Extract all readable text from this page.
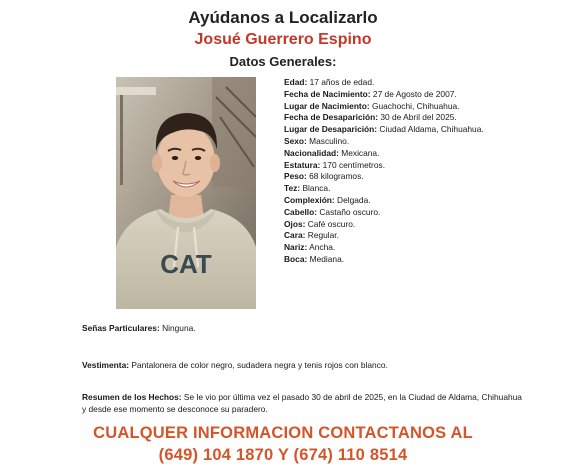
Ayúdanos a Localizarlo
Josué Guerrero Espino
Datos Generales:
CAT
Edad: 17 años de edad.
Fecha de Nacimiento: 27 de Agosto de 2007.
Lugar de Nacimiento: Guachochi, Chihuahua.
Fecha de Desaparición: 30 de Abril del 2025.
Lugar de Desaparición: Ciudad Aldama, Chihuahua.
Sexo: Masculino.
Nacionalidad: Mexicana.
Estatura: 170 centímetros.
Peso: 68 kilogramos.
Tez: Blanca.
Complexión: Delgada.
Cabello: Castaño oscuro.
Ojos: Café oscuro.
Cara: Regular.
Nariz: Ancha.
Boca: Mediana.
Señas Particulares: Ninguna.
Vestimenta: Pantalonera de color negro, sudadera negra y tenis rojos con blanco.
Resumen de los Hechos: Se le vio por última vez el pasado 30 de abril de 2025, en la Ciudad de Aldama, Chihuahua y desde ese momento se desconoce su paradero.
CUALQUER INFORMACION CONTACTANOS AL
(649) 104 1870 Y (674) 110 8514
